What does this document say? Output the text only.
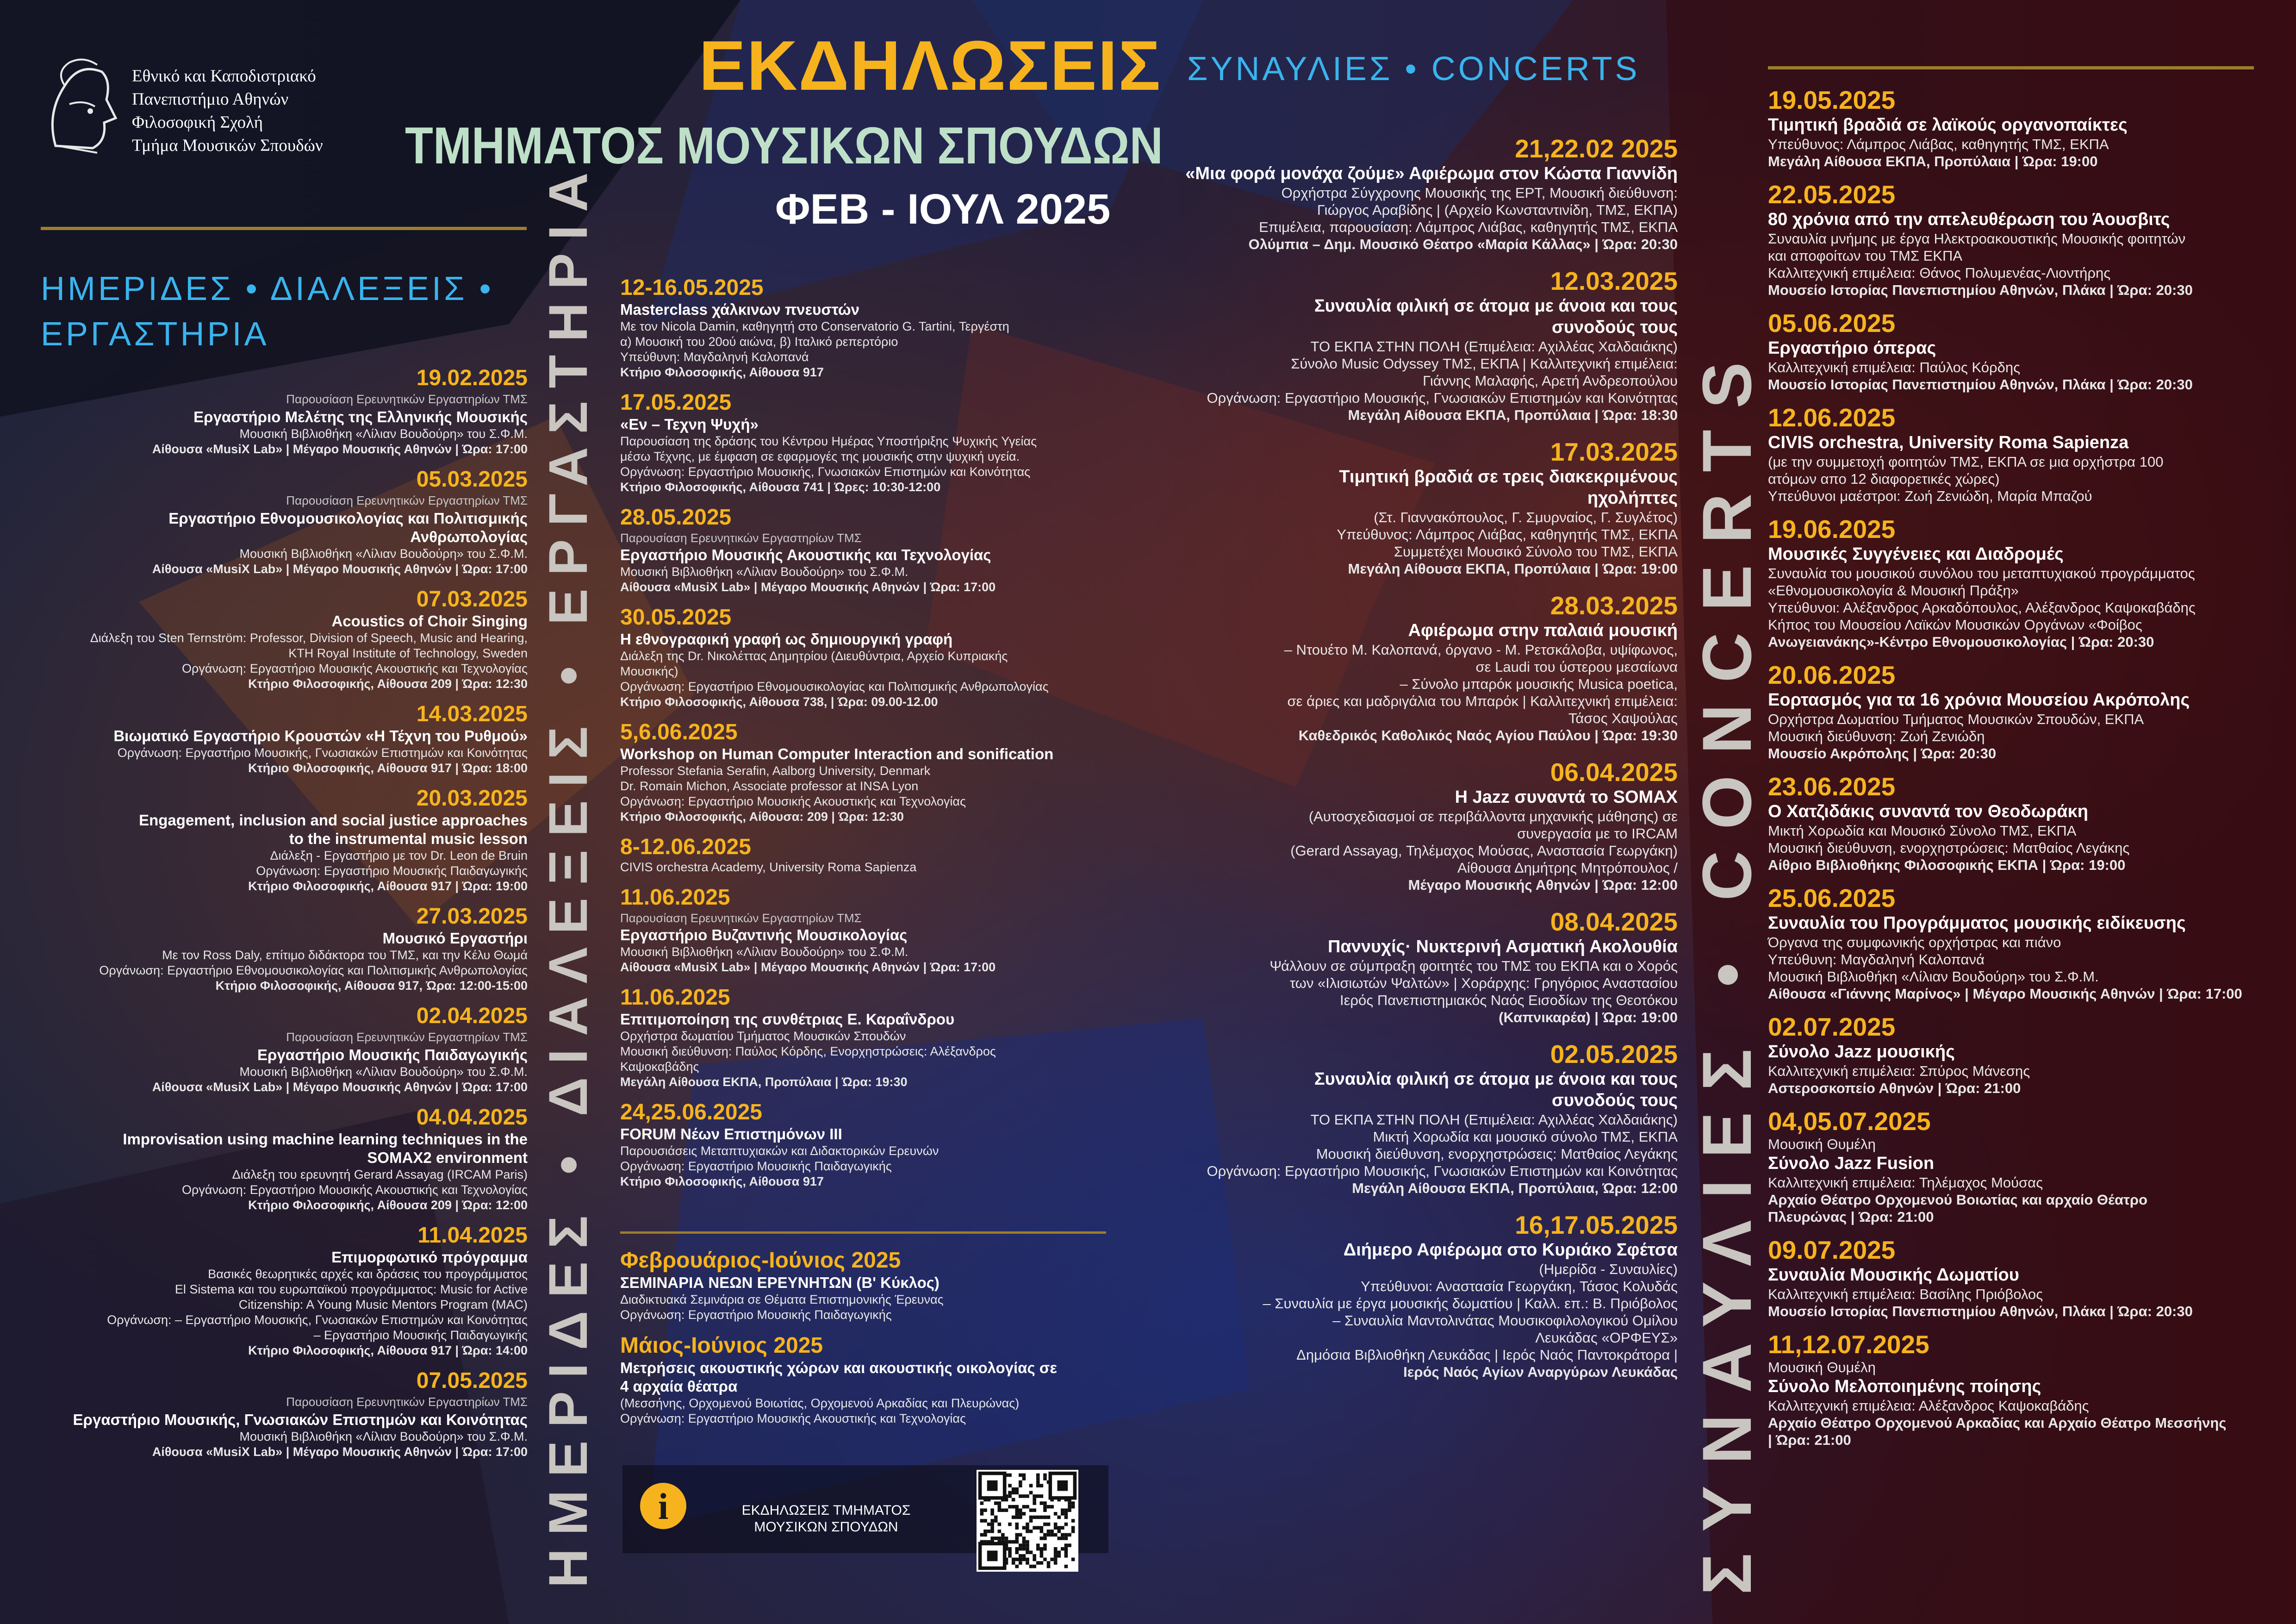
Εθνικό και Καποδιστριακό
Πανεπιστήμιο Αθηνών
Φιλοσοφική Σχολή
Τμήμα Μουσικών Σπουδών
ΕΚΔΗΛΩΣΕΙΣ
ΤΜΗΜΑΤΟΣ ΜΟΥΣΙΚΩΝ ΣΠΟΥΔΩΝ
ΦΕΒ - ΙΟΥΛ 2025
ΗΜΕΡΙΔΕΣ • ΔΙΑΛΕΞΕΙΣ •
ΕΡΓΑΣΤΗΡΙΑ
ΣΥΝΑΥΛΙΕΣ • CONCERTS
ΗΜΕΡΙΔΕΣ • ΔΙΑΛΕΞΕΙΣ • ΕΡΓΑΣΤΗΡΙΑ	ΣΥΝΑΥΛΙΕΣ • CONCERTS
19.02.2025
Παρουσίαση Ερευνητικών Εργαστηρίων ΤΜΣ
Εργαστήριο Μελέτης της Ελληνικής Μουσικής
Μουσική Βιβλιοθήκη «Λίλιαν Βουδούρη» του Σ.Φ.Μ.
Αίθουσα «MusiX Lab» | Μέγαρο Μουσικής Αθηνών | Ώρα: 17:00
05.03.2025
Παρουσίαση Ερευνητικών Εργαστηρίων ΤΜΣ
Εργαστήριο Εθνομουσικολογίας και Πολιτισμικής
Ανθρωπολογίας
Μουσική Βιβλιοθήκη «Λίλιαν Βουδούρη» του Σ.Φ.Μ.
Αίθουσα «MusiX Lab» | Μέγαρο Μουσικής Αθηνών | Ώρα: 17:00
07.03.2025
Acoustics of Choir Singing
Διάλεξη του Sten Ternström: Professor, Division of Speech, Music and Hearing,
KTH Royal Institute of Technology, Sweden
Οργάνωση: Εργαστήριο Μουσικής Ακουστικής και Τεχνολογίας
Κτήριο Φιλοσοφικής, Αίθουσα 209 | Ώρα: 12:30
14.03.2025
Βιωματικό Εργαστήριο Κρουστών «Η Τέχνη του Ρυθμού»
Οργάνωση: Εργαστήριο Μουσικής, Γνωσιακών Επιστημών και Κοινότητας
Κτήριο Φιλοσοφικής, Αίθουσα 917 | Ώρα: 18:00
20.03.2025
Engagement, inclusion and social justice approaches
to the instrumental music lesson
Διάλεξη - Εργαστήριο με τον Dr. Leon de Bruin
Οργάνωση: Εργαστήριο Μουσικής Παιδαγωγικής
Κτήριο Φιλοσοφικής, Αίθουσα 917 | Ώρα: 19:00
27.03.2025
Μουσικό Εργαστήρι
Με τον Ross Daly, επίτιμο διδάκτορα του ΤΜΣ, και την Κέλυ Θωμά
Οργάνωση: Εργαστήριο Εθνομουσικολογίας και Πολιτισμικής Ανθρωπολογίας
Κτήριο Φιλοσοφικής, Αίθουσα 917, Ώρα: 12:00-15:00
02.04.2025
Παρουσίαση Ερευνητικών Εργαστηρίων ΤΜΣ
Εργαστήριο Μουσικής Παιδαγωγικής
Μουσική Βιβλιοθήκη «Λίλιαν Βουδούρη» του Σ.Φ.Μ.
Αίθουσα «MusiX Lab» | Μέγαρο Μουσικής Αθηνών | Ώρα: 17:00
04.04.2025
Improvisation using machine learning techniques in the
SOMAX2 environment
Διάλεξη του ερευνητή Gerard Assayag (IRCAM Paris)
Οργάνωση: Εργαστήριο Μουσικής Ακουστικής και Τεχνολογίας
Κτήριο Φιλοσοφικής, Αίθουσα 209 | Ώρα: 12:00
11.04.2025
Επιμορφωτικό πρόγραμμα
Βασικές θεωρητικές αρχές και δράσεις του προγράμματος
El Sistema και του ευρωπαϊκού προγράμματος: Music for Active
Citizenship: A Young Music Mentors Program (MAC)
Οργάνωση: – Εργαστήριο Μουσικής, Γνωσιακών Επιστημών και Κοινότητας
– Εργαστήριο Μουσικής Παιδαγωγικής
Κτήριο Φιλοσοφικής, Αίθουσα 917 | Ώρα: 14:00
07.05.2025
Παρουσίαση Ερευνητικών Εργαστηρίων ΤΜΣ
Εργαστήριο Μουσικής, Γνωσιακών Επιστημών και Κοινότητας
Μουσική Βιβλιοθήκη «Λίλιαν Βουδούρη» του Σ.Φ.Μ.
Αίθουσα «MusiX Lab» | Μέγαρο Μουσικής Αθηνών | Ώρα: 17:00
12-16.05.2025
Masterclass χάλκινων πνευστών
Με τον Nicola Damin, καθηγητή στο Conservatorio G. Tartini, Τεργέστη
α) Μουσική του 20ού αιώνα, β) Ιταλικό ρεπερτόριο
Υπεύθυνη: Μαγδαληνή Καλοπανά
Κτήριο Φιλοσοφικής, Αίθουσα 917
17.05.2025
«Εν – Τεχνη Ψυχή»
Παρουσίαση της δράσης του Κέντρου Ημέρας Υποστήριξης Ψυχικής Υγείας
μέσω Τέχνης, με έμφαση σε εφαρμογές της μουσικής στην ψυχική υγεία.
Οργάνωση: Εργαστήριο Μουσικής, Γνωσιακών Επιστημών και Κοινότητας
Κτήριο Φιλοσοφικής, Αίθουσα 741 | Ώρες: 10:30-12:00
28.05.2025
Παρουσίαση Ερευνητικών Εργαστηρίων ΤΜΣ
Εργαστήριο Μουσικής Ακουστικής και Τεχνολογίας
Μουσική Βιβλιοθήκη «Λίλιαν Βουδούρη» του Σ.Φ.Μ.
Αίθουσα «MusiX Lab» | Μέγαρο Μουσικής Αθηνών | Ώρα: 17:00
30.05.2025
Η εθνογραφική γραφή ως δημιουργική γραφή
Διάλεξη της Dr. Νικολέττας Δημητρίου (Διευθύντρια, Αρχείο Κυπριακής
Μουσικής)
Οργάνωση: Εργαστήριο Εθνομουσικολογίας και Πολιτισμικής Ανθρωπολογίας
Κτήριο Φιλοσοφικής, Αίθουσα 738, | Ώρα: 09.00-12.00
5,6.06.2025
Workshop on Human Computer Interaction and sonification
Professor Stefania Serafin, Aalborg University, Denmark
Dr. Romain Michon, Associate professor at INSA Lyon
Οργάνωση: Εργαστήριο Μουσικής Ακουστικής και Τεχνολογίας
Κτήριο Φιλοσοφικής, Αίθουσα: 209 | Ώρα: 12:30
8-12.06.2025
CIVIS orchestra Academy, University Roma Sapienza
11.06.2025
Παρουσίαση Ερευνητικών Εργαστηρίων ΤΜΣ
Εργαστήριο Βυζαντινής Μουσικολογίας
Μουσική Βιβλιοθήκη «Λίλιαν Βουδούρη» του Σ.Φ.Μ.
Αίθουσα «MusiX Lab» | Μέγαρο Μουσικής Αθηνών | Ώρα: 17:00
11.06.2025
Επιτιμοποίηση της συνθέτριας Ε. Καραΐνδρου
Ορχήστρα δωματίου Τμήματος Μουσικών Σπουδών
Μουσική διεύθυνση: Παύλος Κόρδης, Ενορχηστρώσεις: Αλέξανδρος
Καψοκαβάδης
Μεγάλη Αίθουσα ΕΚΠΑ, Προπύλαια | Ώρα: 19:30
24,25.06.2025
FORUM Νέων Επιστημόνων ΙΙΙ
Παρουσιάσεις Μεταπτυχιακών και Διδακτορικών Ερευνών
Οργάνωση: Εργαστήριο Μουσικής Παιδαγωγικής
Κτήριο Φιλοσοφικής, Αίθουσα 917
Φεβρουάριος-Ιούνιος 2025
ΣΕΜΙΝΑΡΙΑ ΝΕΩΝ ΕΡΕΥΝΗΤΩΝ (Β' Κύκλος)
Διαδικτυακά Σεμινάρια σε Θέματα Επιστημονικής Έρευνας
Οργάνωση: Εργαστήριο Μουσικής Παιδαγωγικής
Μάιος-Ιούνιος 2025
Μετρήσεις ακουστικής χώρων και ακουστικής οικολογίας σε
4 αρχαία θέατρα
(Μεσσήνης, Ορχομενού Βοιωτίας, Ορχομενού Αρκαδίας και Πλευρώνας)
Οργάνωση: Εργαστήριο Μουσικής Ακουστικής και Τεχνολογίας
21,22.02 2025
«Μια φορά μονάχα ζούμε» Αφιέρωμα στον Κώστα Γιαννίδη
Ορχήστρα Σύγχρονης Μουσικής της ΕΡΤ, Μουσική διεύθυνση:
Γιώργος Αραβίδης | (Αρχείο Κωνσταντινίδη, ΤΜΣ, ΕΚΠΑ)
Επιμέλεια, παρουσίαση: Λάμπρος Λιάβας, καθηγητής ΤΜΣ, ΕΚΠΑ
Ολύμπια – Δημ. Μουσικό Θέατρο «Μαρία Κάλλας» | Ώρα: 20:30
12.03.2025
Συναυλία φιλική σε άτομα με άνοια και τους
συνοδούς τους
ΤΟ ΕΚΠΑ ΣΤΗΝ ΠΟΛΗ (Επιμέλεια: Αχιλλέας Χαλδαιάκης)
Σύνολο Music Odyssey ΤΜΣ, ΕΚΠΑ | Καλλιτεχνική επιμέλεια:
Γιάννης Μαλαφής, Αρετή Ανδρεοπούλου
Οργάνωση: Εργαστήριο Μουσικής, Γνωσιακών Επιστημών και Κοινότητας
Μεγάλη Αίθουσα ΕΚΠΑ, Προπύλαια | Ώρα: 18:30
17.03.2025
Τιμητική βραδιά σε τρεις διακεκριμένους
ηχολήπτες
(Στ. Γιαννακόπουλος, Γ. Σμυρναίος, Γ. Συγλέτος)
Υπεύθυνος: Λάμπρος Λιάβας, καθηγητής ΤΜΣ, ΕΚΠΑ
Συμμετέχει Μουσικό Σύνολο του ΤΜΣ, ΕΚΠΑ
Μεγάλη Αίθουσα ΕΚΠΑ, Προπύλαια | Ώρα: 19:00
28.03.2025
Αφιέρωμα στην παλαιά μουσική
– Ντουέτο Μ. Καλοπανά, όργανο - Μ. Ρετσκάλοβα, υψίφωνος,
σε Laudi του ύστερου μεσαίωνα
– Σύνολο μπαρόκ μουσικής Musica poetica,
σε άριες και μαδριγάλια του Μπαρόκ | Καλλιτεχνική επιμέλεια:
Τάσος Χαψούλας
Καθεδρικός Καθολικός Ναός Αγίου Παύλου | Ώρα: 19:30
06.04.2025
Η Jazz συναντά το SOMAX
(Αυτοσχεδιασμοί σε περιβάλλοντα μηχανικής μάθησης) σε
συνεργασία με το IRCAM
(Gerard Assayag, Τηλέμαχος Μούσας, Αναστασία Γεωργάκη)
Αίθουσα Δημήτρης Μητρόπουλος /
Μέγαρο Μουσικής Αθηνών | Ώρα: 12:00
08.04.2025
Παννυχίς· Νυκτερινή Ασματική Ακολουθία
Ψάλλουν σε σύμπραξη φοιτητές του ΤΜΣ του ΕΚΠΑ και ο Χορός
των «Ιλισιωτών Ψαλτών» | Χοράρχης: Γρηγόριος Αναστασίου
Ιερός Πανεπιστημιακός Ναός Εισοδίων της Θεοτόκου
(Καπνικαρέα) | Ώρα: 19:00
02.05.2025
Συναυλία φιλική σε άτομα με άνοια και τους
συνοδούς τους
ΤΟ ΕΚΠΑ ΣΤΗΝ ΠΟΛΗ (Επιμέλεια: Αχιλλέας Χαλδαιάκης)
Μικτή Χορωδία και μουσικό σύνολο ΤΜΣ, ΕΚΠΑ
Μουσική διεύθυνση, ενορχηστρώσεις: Ματθαίος Λεγάκης
Οργάνωση: Εργαστήριο Μουσικής, Γνωσιακών Επιστημών και Κοινότητας
Μεγάλη Αίθουσα ΕΚΠΑ, Προπύλαια, Ώρα: 12:00
16,17.05.2025
Διήμερο Αφιέρωμα στο Κυριάκο Σφέτσα
(Ημερίδα - Συναυλίες)
Υπεύθυνοι: Αναστασία Γεωργάκη, Τάσος Κολυδάς
– Συναυλία με έργα μουσικής δωματίου | Καλλ. επ.: Β. Πριόβολος
– Συναυλία Μαντολινάτας Μουσικοφιλολογικού Ομίλου
Λευκάδας «ΟΡΦΕΥΣ»
Δημόσια Βιβλιοθήκη Λευκάδας | Ιερός Ναός Παντοκράτορα |
Ιερός Ναός Αγίων Αναργύρων Λευκάδας
19.05.2025
Τιμητική βραδιά σε λαϊκούς οργανοπαίκτες
Υπεύθυνος: Λάμπρος Λιάβας, καθηγητής ΤΜΣ, ΕΚΠΑ
Μεγάλη Αίθουσα ΕΚΠΑ, Προπύλαια | Ώρα: 19:00
22.05.2025
80 χρόνια από την απελευθέρωση του Άουσβιτς
Συναυλία μνήμης με έργα Ηλεκτροακουστικής Μουσικής φοιτητών
και αποφοίτων του ΤΜΣ ΕΚΠΑ
Καλλιτεχνική επιμέλεια: Θάνος Πολυμενέας-Λιοντήρης
Μουσείο Ιστορίας Πανεπιστημίου Αθηνών, Πλάκα | Ώρα: 20:30
05.06.2025
Εργαστήριο όπερας
Καλλιτεχνική επιμέλεια: Παύλος Κόρδης
Μουσείο Ιστορίας Πανεπιστημίου Αθηνών, Πλάκα | Ώρα: 20:30
12.06.2025
CIVIS orchestra, University Roma Sapienza
(με την συμμετοχή φοιτητών ΤΜΣ, ΕΚΠΑ σε μια ορχήστρα 100
ατόμων απο 12 διαφορετικές χώρες)
Υπεύθυνοι μαέστροι: Ζωή Ζενιώδη, Μαρία Μπαζού
19.06.2025
Μουσικές Συγγένειες και Διαδρομές
Συναυλία του μουσικού συνόλου του μεταπτυχιακού προγράμματος
«Εθνομουσικολογία & Μουσική Πράξη»
Υπεύθυνοι: Αλέξανδρος Αρκαδόπουλος, Αλέξανδρος Καψοκαβάδης
Κήπος του Μουσείου Λαϊκών Μουσικών Οργάνων «Φοίβος
Ανωγειανάκης»-Κέντρο Εθνομουσικολογίας | Ώρα: 20:30
20.06.2025
Εορτασμός για τα 16 χρόνια Μουσείου Ακρόπολης
Ορχήστρα Δωματίου Τμήματος Μουσικών Σπουδών, ΕΚΠΑ
Μουσική διεύθυνση: Ζωή Ζενιώδη
Μουσείο Ακρόπολης | Ώρα: 20:30
23.06.2025
Ο Χατζιδάκις συναντά τον Θεοδωράκη
Μικτή Χορωδία και Μουσικό Σύνολο ΤΜΣ, ΕΚΠΑ
Μουσική διεύθυνση, ενορχηστρώσεις: Ματθαίος Λεγάκης
Αίθριο Βιβλιοθήκης Φιλοσοφικής ΕΚΠΑ | Ώρα: 19:00
25.06.2025
Συναυλία του Προγράμματος μουσικής ειδίκευσης
Όργανα της συμφωνικής ορχήστρας και πιάνο
Υπεύθυνη: Μαγδαληνή Καλοπανά
Μουσική Βιβλιοθήκη «Λίλιαν Βουδούρη» του Σ.Φ.Μ.
Αίθουσα «Γιάννης Μαρίνος» | Μέγαρο Μουσικής Αθηνών | Ώρα: 17:00
02.07.2025
Σύνολο Jazz μουσικής
Καλλιτεχνική επιμέλεια: Σπύρος Μάνεσης
Αστεροσκοπείο Αθηνών | Ώρα: 21:00
04,05.07.2025
Μουσική Θυμέλη
Σύνολο Jazz Fusion
Καλλιτεχνική επιμέλεια: Τηλέμαχος Μούσας
Αρχαίο Θέατρο Ορχομενού Βοιωτίας και αρχαίο Θέατρο
Πλευρώνας | Ώρα: 21:00
09.07.2025
Συναυλία Μουσικής Δωματίου
Καλλιτεχνική επιμέλεια: Βασίλης Πριόβολος
Μουσείο Ιστορίας Πανεπιστημίου Αθηνών, Πλάκα | Ώρα: 20:30
11,12.07.2025
Μουσική Θυμέλη
Σύνολο Μελοποιημένης ποίησης
Καλλιτεχνική επιμέλεια: Αλέξανδρος Καψοκαβάδης
Αρχαίο Θέατρο Ορχομενού Αρκαδίας και Αρχαίο Θέατρο Μεσσήνης
| Ώρα: 21:00
i	ΕΚΔΗΛΩΣΕΙΣ ΤΜΗΜΑΤΟΣ
ΜΟΥΣΙΚΩΝ ΣΠΟΥΔΩΝ
